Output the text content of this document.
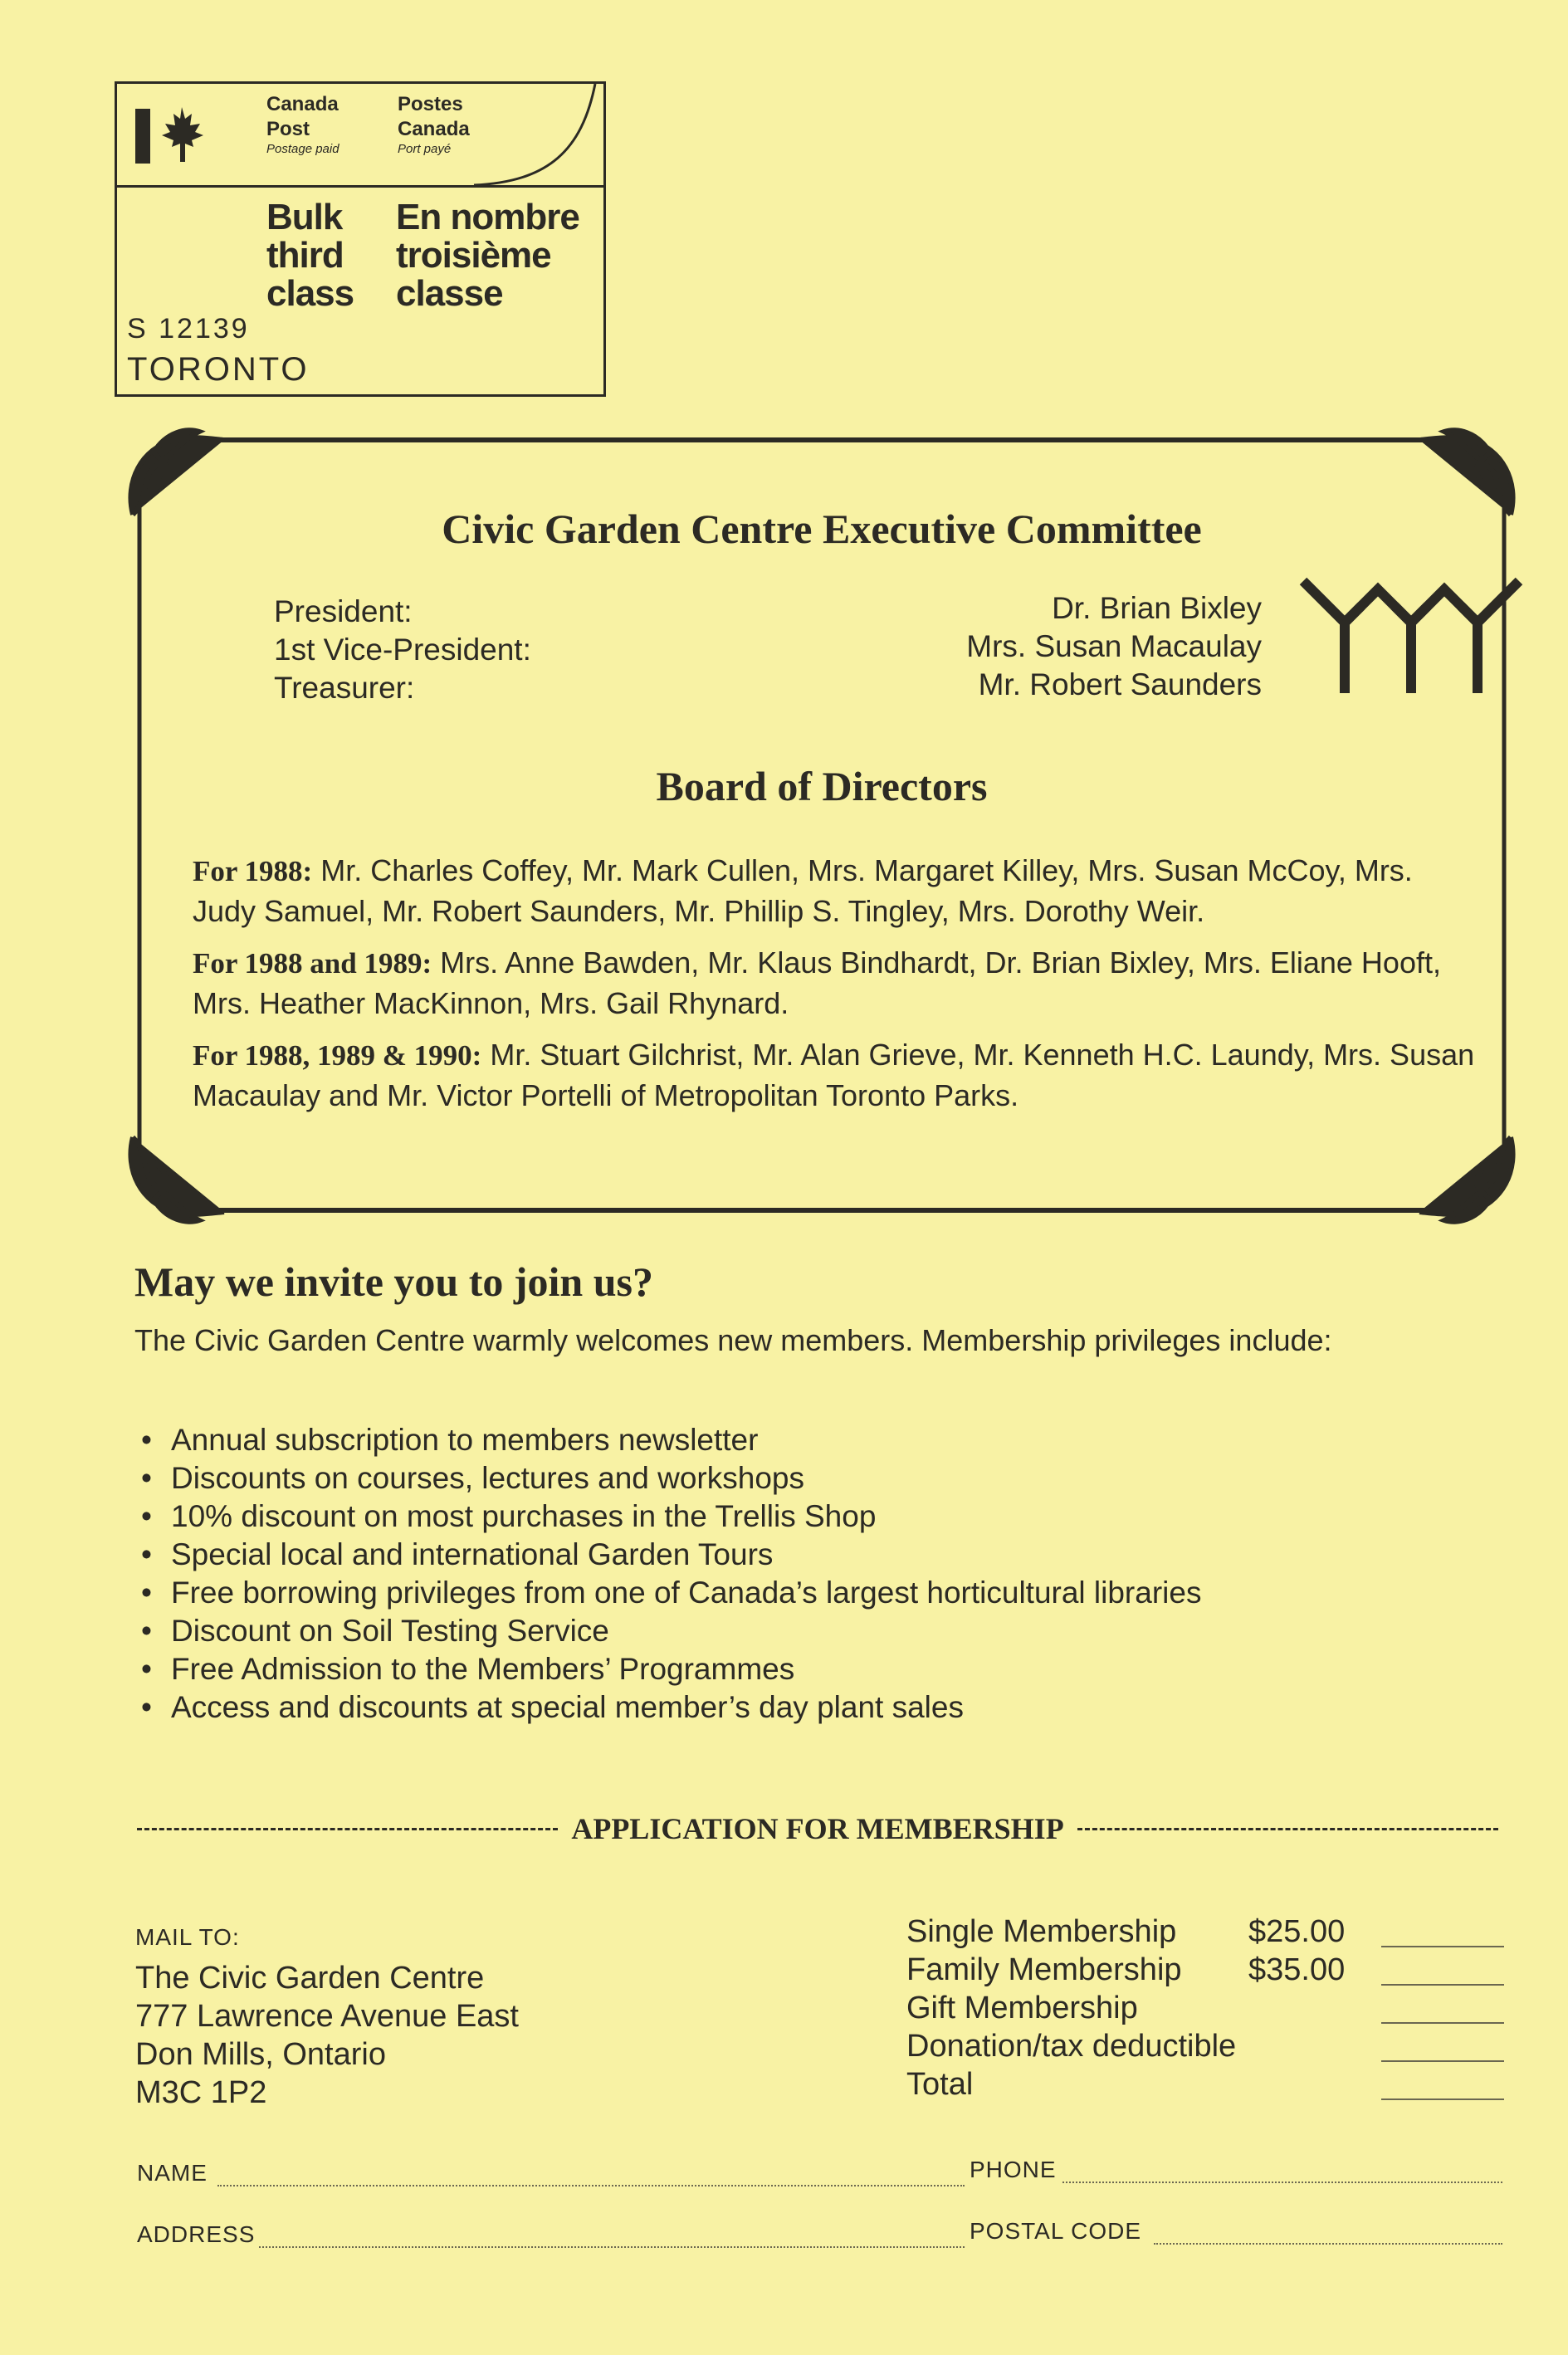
Canada
Post
Postage paid
Postes
Canada
Port payé
Bulk
third
class
En nombre
troisième
classe
S 12139
TORONTO
Civic Garden Centre Executive Committee
President:
1st Vice-President:
Treasurer:
Dr. Brian Bixley
Mrs. Susan Macaulay
Mr. Robert Saunders
Board of Directors

For 1988: Mr. Charles Coffey, Mr. Mark Cullen, Mrs. Margaret Killey, Mrs. Susan McCoy, Mrs. Judy Samuel, Mr. Robert Saunders, Mr. Phillip S. Tingley, Mrs. Dorothy Weir.

For 1988 and 1989: Mrs. Anne Bawden, Mr. Klaus Bindhardt, Dr. Brian Bixley, Mrs. Eliane Hooft, Mrs. Heather MacKinnon, Mrs. Gail Rhynard.

For 1988, 1989 & 1990: Mr. Stuart Gilchrist, Mr. Alan Grieve, Mr. Kenneth H.C. Laundy, Mrs. Susan Macaulay and Mr. Victor Portelli of Metropolitan Toronto Parks.

May we invite you to join us?
The Civic Garden Centre warmly welcomes new members. Membership privileges include:
• Annual subscription to members newsletter
• Discounts on courses, lectures and workshops
• 10% discount on most purchases in the Trellis Shop
• Special local and international Garden Tours
• Free borrowing privileges from one of Canada’s largest horticultural libraries
• Discount on Soil Testing Service
• Free Admission to the Members’ Programmes
• Access and discounts at special member’s day plant sales
APPLICATION FOR MEMBERSHIP
MAIL TO:
The Civic Garden Centre
777 Lawrence Avenue East
Don Mills, Ontario
M3C 1P2
Single Membership $25.00
Family Membership $35.00
Gift Membership
Donation/tax deductible
Total
NAME	PHONE
ADDRESS	POSTAL CODE
